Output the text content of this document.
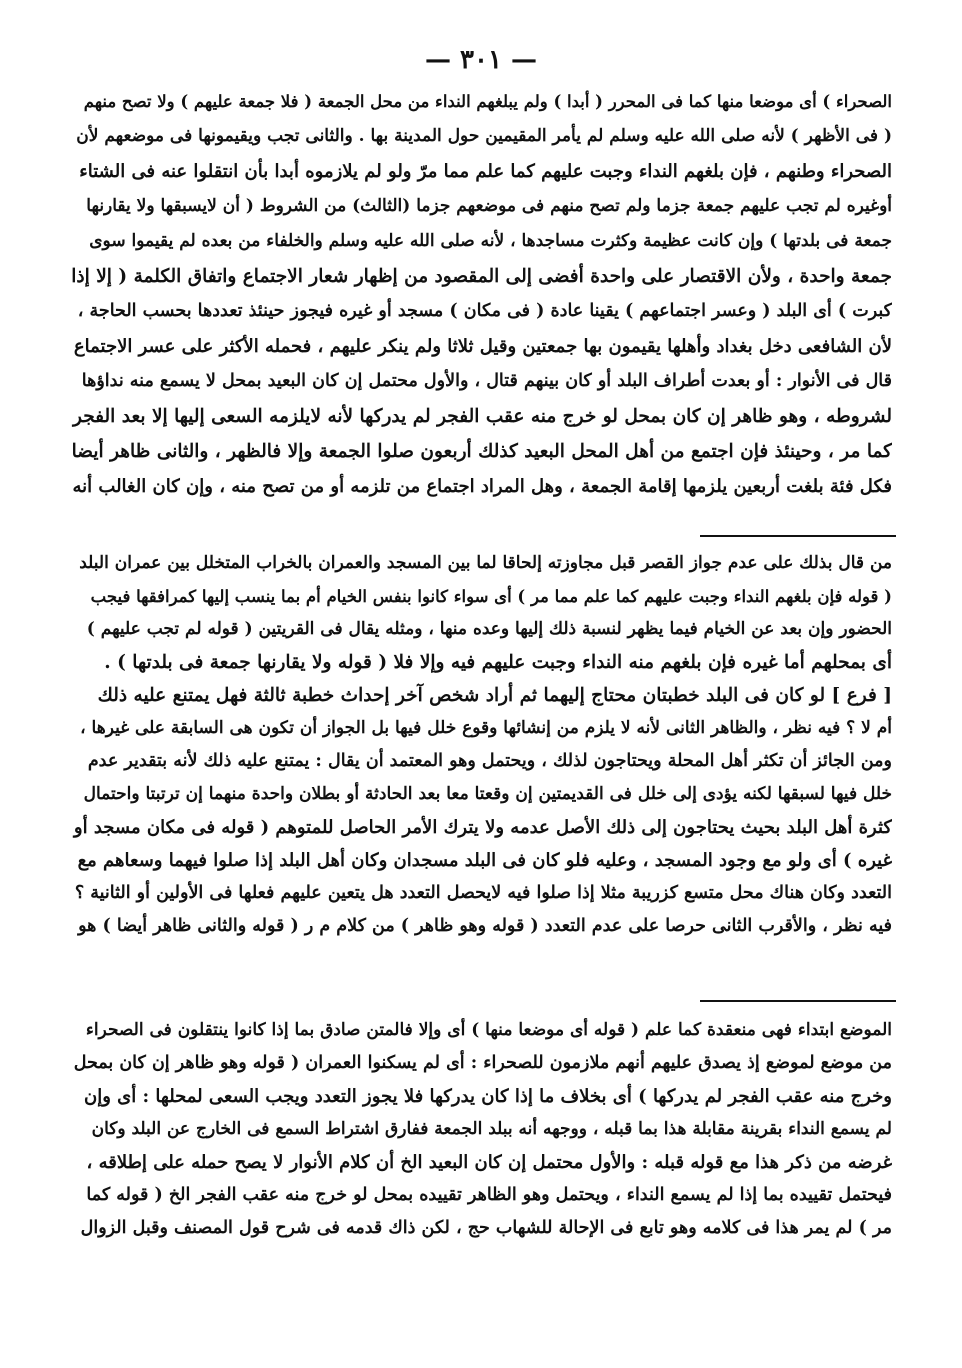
— ٣٠١ —
الصحراء ) أى موضعا منها كما فى المحرر ( أبدا ) ولم يبلغهم النداء من محل الجمعة ( فلا جمعة عليهم ) ولا تصح منهم
( فى الأظهر ) لأنه صلى الله عليه وسلم لم يأمر المقيمين حول المدينة بها . والثانى تجب ويقيمونها فى موضعهم لأن
الصحراء وطنهم ، فإن بلغهم النداء وجبت عليهم كما علم مما مرّ ولو لم يلازموه أبدا بأن انتقلوا عنه فى الشتاء
أوغيره لم تجب عليهم جمعة جزما ولم تصح منهم فى موضعهم جزما (الثالث) من الشروط ( أن لايسبقها ولا يقارنها
جمعة فى بلدتها ) وإن كانت عظيمة وكثرت مساجدها ، لأنه صلى الله عليه وسلم والخلفاء من بعده لم يقيموا سوى
جمعة واحدة ، ولأن الاقتصار على واحدة أفضى إلى المقصود من إظهار شعار الاجتماع واتفاق الكلمة ( إلا إذا
كبرت ) أى البلد ( وعسر اجتماعهم ) يقينا عادة ( فى مكان ) مسجد أو غيره فيجوز حينئذ تعددها بحسب الحاجة ،
لأن الشافعى دخل بغداد وأهلها يقيمون بها جمعتين وقيل ثلاثا ولم ينكر عليهم ، فحمله الأكثر على عسر الاجتماع
قال فى الأنوار : أو بعدت أطراف البلد أو كان بينهم قتال ، والأول محتمل إن كان البعيد بمحل لا يسمع منه نداؤها
لشروطه ، وهو ظاهر إن كان بمحل لو خرج منه عقب الفجر لم يدركها لأنه لايلزمه السعى إليها إلا بعد الفجر
كما مر ، وحينئذ فإن اجتمع من أهل المحل البعيد كذلك أربعون صلوا الجمعة وإلا فالظهر ، والثانى ظاهر أيضا
فكل فئة بلغت أربعين يلزمها إقامة الجمعة ، وهل المراد اجتماع من تلزمه أو من تصح منه ، وإن كان الغالب أنه
من قال بذلك على عدم جواز القصر قبل مجاوزته إلحاقا لما بين المسجد والعمران بالخراب المتخلل بين عمران البلد
( قوله فإن بلغهم النداء وجبت عليهم كما علم مما مر ) أى سواء كانوا بنفس الخيام أم بما ينسب إليها كمرافقها فيجب
الحضور وإن بعد عن الخيام فيما يظهر لنسبة ذلك إليها وعده منها ، ومثله يقال فى القريتين ( قوله لم تجب عليهم )
أى بمحلهم أما غيره فإن بلغهم منه النداء وجبت عليهم فيه وإلا فلا ( قوله ولا يقارنها جمعة فى بلدتها ) .
[ فرع ] لو كان فى البلد خطبتان محتاج إليهما ثم أراد شخص آخر إحداث خطبة ثالثة فهل يمتنع عليه ذلك
أم لا ؟ فيه نظر ، والظاهر الثانى لأنه لا يلزم من إنشائها وقوع خلل فيها بل الجواز أن تكون هى السابقة على غيرها ،
ومن الجائز أن تكثر أهل المحلة ويحتاجون لذلك ، ويحتمل وهو المعتمد أن يقال : يمتنع عليه ذلك لأنه بتقدير عدم
خلل فيها لسبقها لكنه يؤدى إلى خلل فى القديمتين إن وقعتا معا بعد الحادثة أو بطلان واحدة منهما إن ترتبتا واحتمال
كثرة أهل البلد بحيث يحتاجون إلى ذلك الأصل عدمه ولا يترك الأمر الحاصل للمتوهم ( قوله فى مكان مسجد أو
غيره ) أى ولو مع وجود المسجد ، وعليه فلو كان فى البلد مسجدان وكان أهل البلد إذا صلوا فيهما وسعاهم مع
التعدد وكان هناك محل متسع كزريبة مثلا إذا صلوا فيه لايحصل التعدد هل يتعين عليهم فعلها فى الأولين أو الثانية ؟
فيه نظر ، والأقرب الثانى حرصا على عدم التعدد ( قوله وهو ظاهر ) من كلام م ر ( قوله والثانى ظاهر أيضا ) هو
الموضع ابتداء فهى منعقدة كما علم ( قوله أى موضعا منها ) أى وإلا فالمتن صادق بما إذا كانوا ينتقلون فى الصحراء
من موضع لموضع إذ يصدق عليهم أنهم ملازمون للصحراء : أى لم يسكنوا العمران ( قوله وهو ظاهر إن كان بمحل
وخرج منه عقب الفجر لم يدركها ) أى بخلاف ما إذا كان يدركها فلا يجوز التعدد ويجب السعى لمحلها : أى وإن
لم يسمع النداء بقرينة مقابلة هذا بما قبله ، ووجهه أنه ببلد الجمعة ففارق اشتراط السمع فى الخارج عن البلد وكان
غرضه من ذكر هذا مع قوله قبله : والأول محتمل إن كان البعيد الخ أن كلام الأنوار لا يصح حمله على إطلاقه ،
فيحتمل تقييده بما إذا لم يسمع النداء ، ويحتمل وهو الظاهر تقييده بمحل لو خرج منه عقب الفجر الخ ( قوله كما
مر ) لم يمر هذا فى كلامه وهو تابع فى الإحالة للشهاب حج ، لكن ذاك قدمه فى شرح قول المصنف وقبل الزوال
